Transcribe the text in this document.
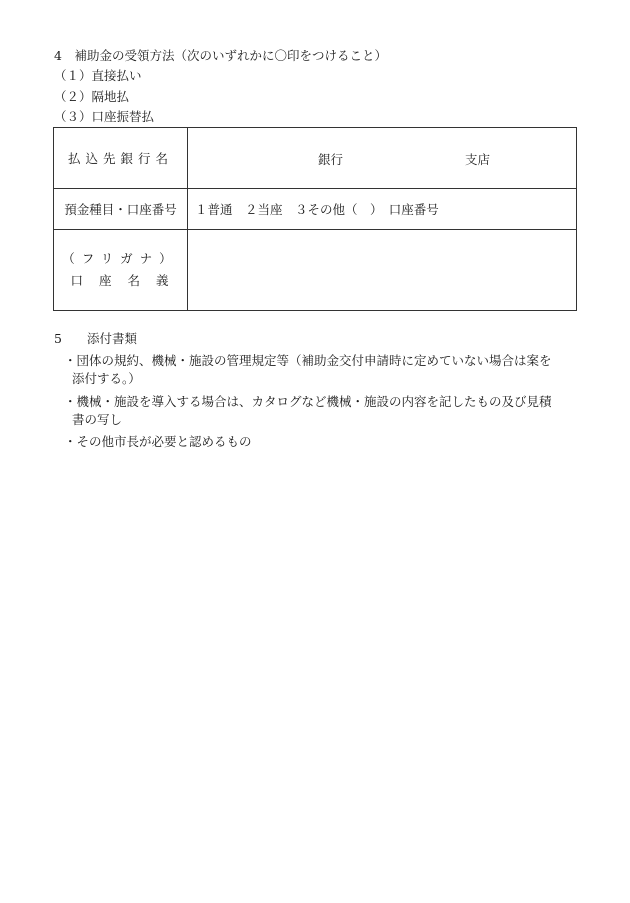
4　補助金の受領方法（次のいずれかに〇印をつけること）
（１）直接払い
（２）隔地払
（３）口座振替払
払込先銀行名	銀行 支店

預金種目・口座番号	１普通　２当座　３その他（　）　口座番号

（フリガナ）
口座名義	

5　　添付書類
・団体の規約、機械・施設の管理規定等（補助金交付申請時に定めていない場合は案を
添付する。）
・機械・施設を導入する場合は、カタログなど機械・施設の内容を記したもの及び見積
書の写し
・その他市長が必要と認めるもの
